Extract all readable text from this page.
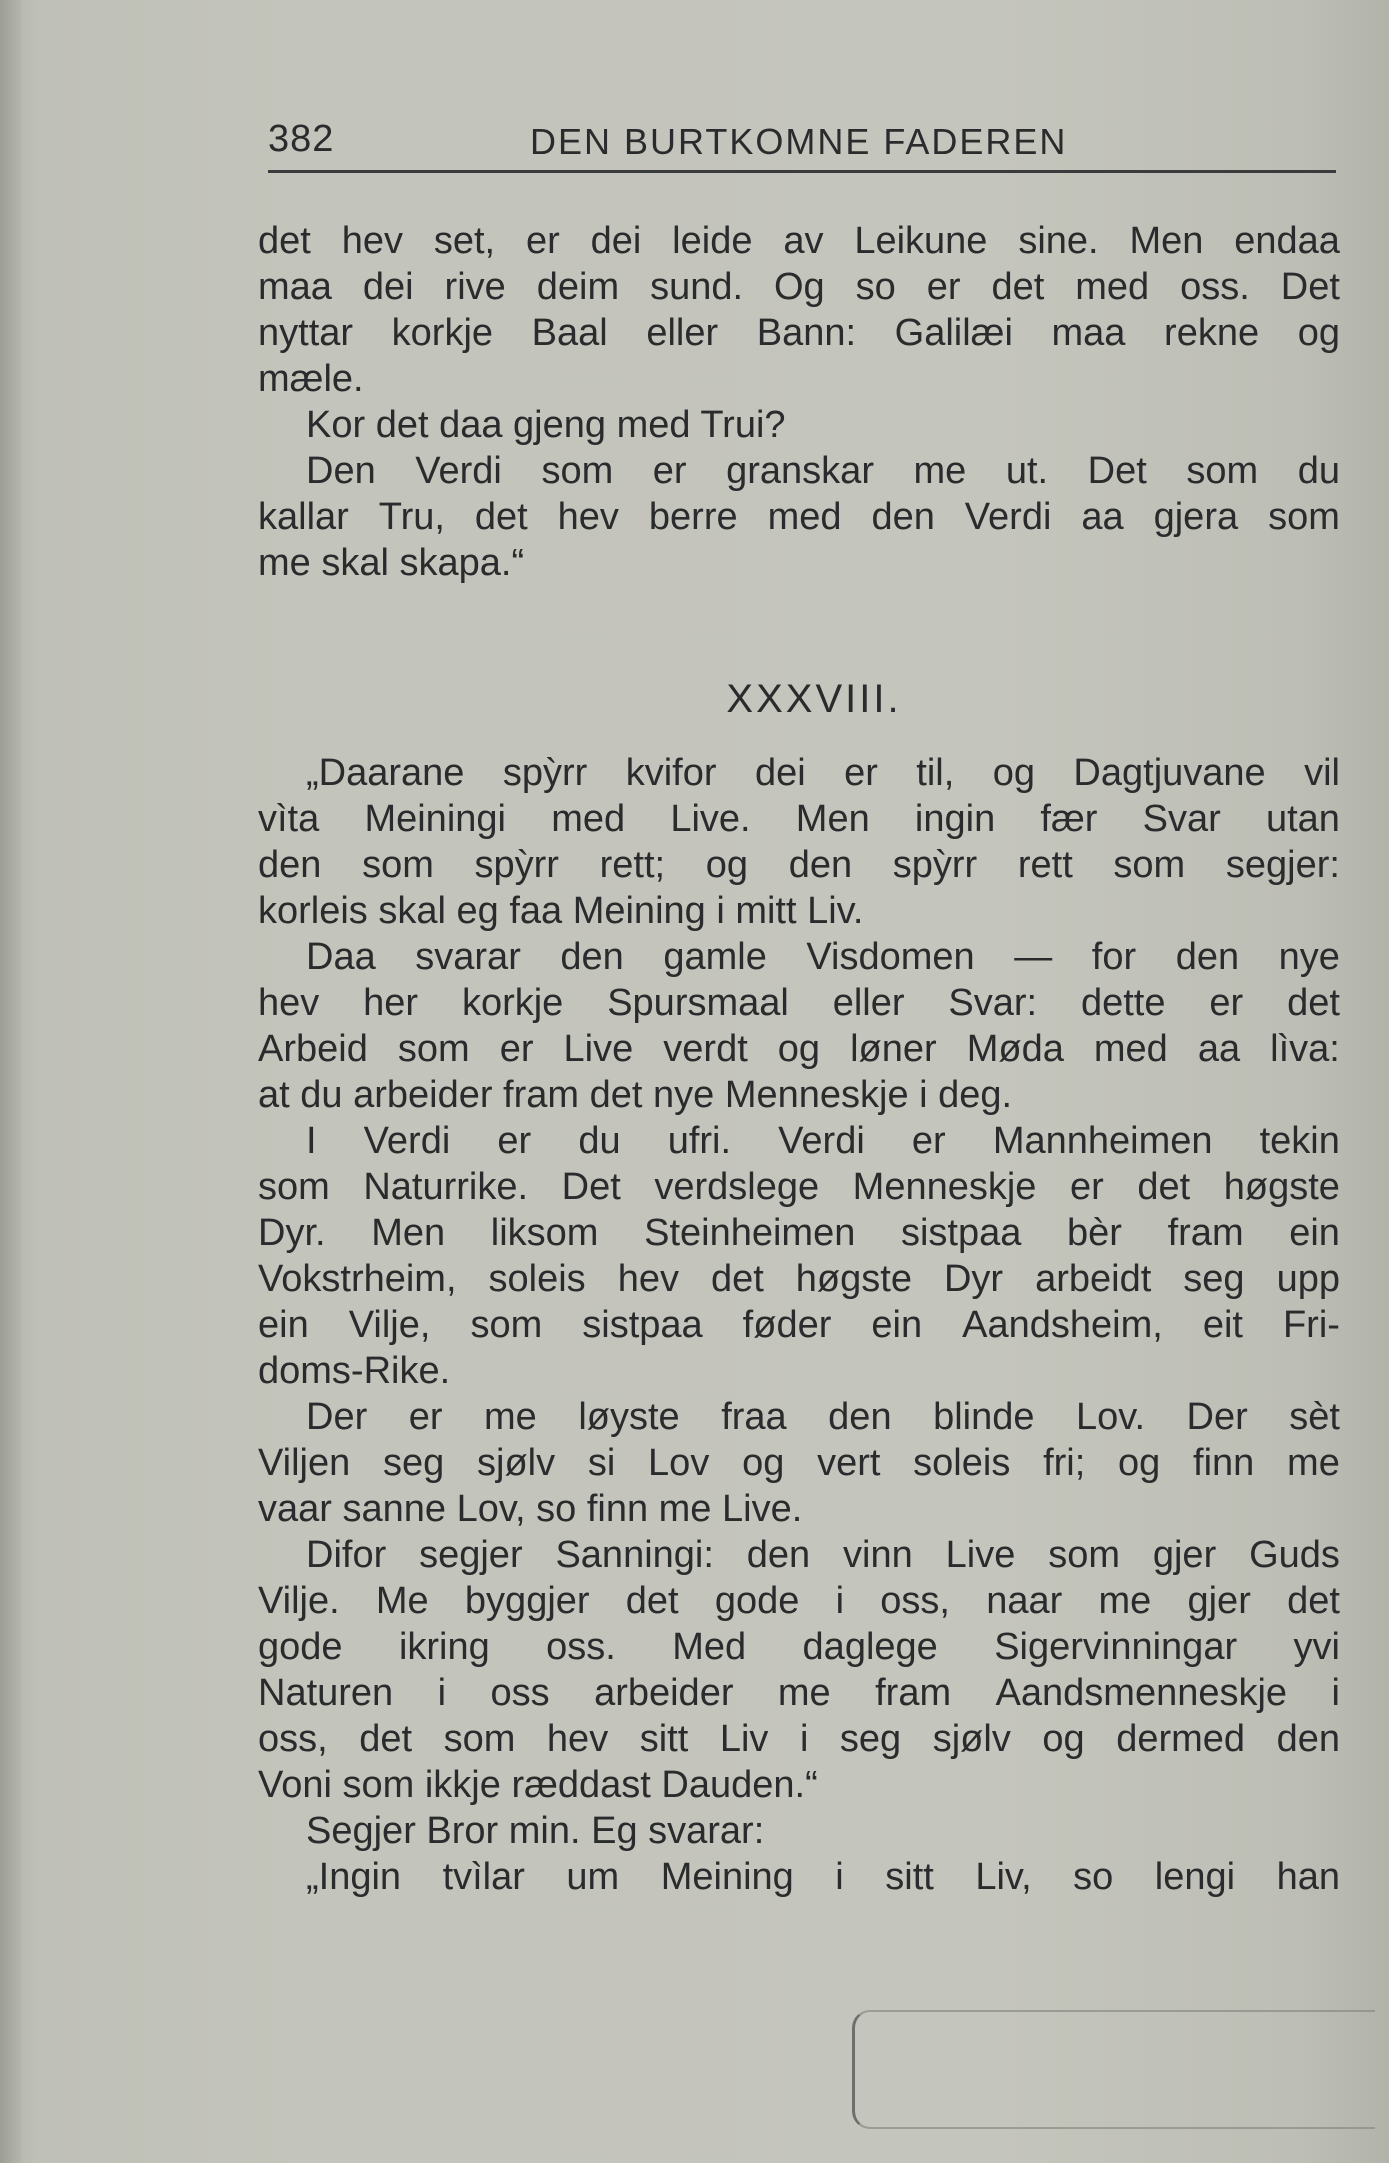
382	DEN BURTKOMNE FADEREN
det hev set, er dei leide av Leikune sine. Men endaa
maa dei rive deim sund. Og so er det med oss. Det
nyttar korkje Baal eller Bann: Galilæi maa rekne og
mæle.
Kor det daa gjeng med Trui?
Den Verdi som er granskar me ut. Det som du
kallar Tru, det hev berre med den Verdi aa gjera som
me skal skapa.“
XXXVIII.
„Daarane spỳrr kvifor dei er til, og Dagtjuvane vil
vìta Meiningi med Live. Men ingin fær Svar utan
den som spỳrr rett; og den spỳrr rett som segjer:
korleis skal eg faa Meining i mitt Liv.
Daa svarar den gamle Visdomen — for den nye
hev her korkje Spursmaal eller Svar: dette er det
Arbeid som er Live verdt og løner Møda med aa lìva:
at du arbeider fram det nye Menneskje i deg.
I Verdi er du ufri. Verdi er Mannheimen tekin
som Naturrike. Det verdslege Menneskje er det høgste
Dyr. Men liksom Steinheimen sistpaa bèr fram ein
Vokstrheim, soleis hev det høgste Dyr arbeidt seg upp
ein Vilje, som sistpaa føder ein Aandsheim, eit Fri-
doms-Rike.
Der er me løyste fraa den blinde Lov. Der sèt
Viljen seg sjølv si Lov og vert soleis fri; og finn me
vaar sanne Lov, so finn me Live.
Difor segjer Sanningi: den vinn Live som gjer Guds
Vilje. Me byggjer det gode i oss, naar me gjer det
gode ikring oss. Med daglege Sigervinningar yvi
Naturen i oss arbeider me fram Aandsmenneskje i
oss, det som hev sitt Liv i seg sjølv og dermed den
Voni som ikkje ræddast Dauden.“
Segjer Bror min. Eg svarar:
„Ingin tvìlar um Meining i sitt Liv, so lengi han
